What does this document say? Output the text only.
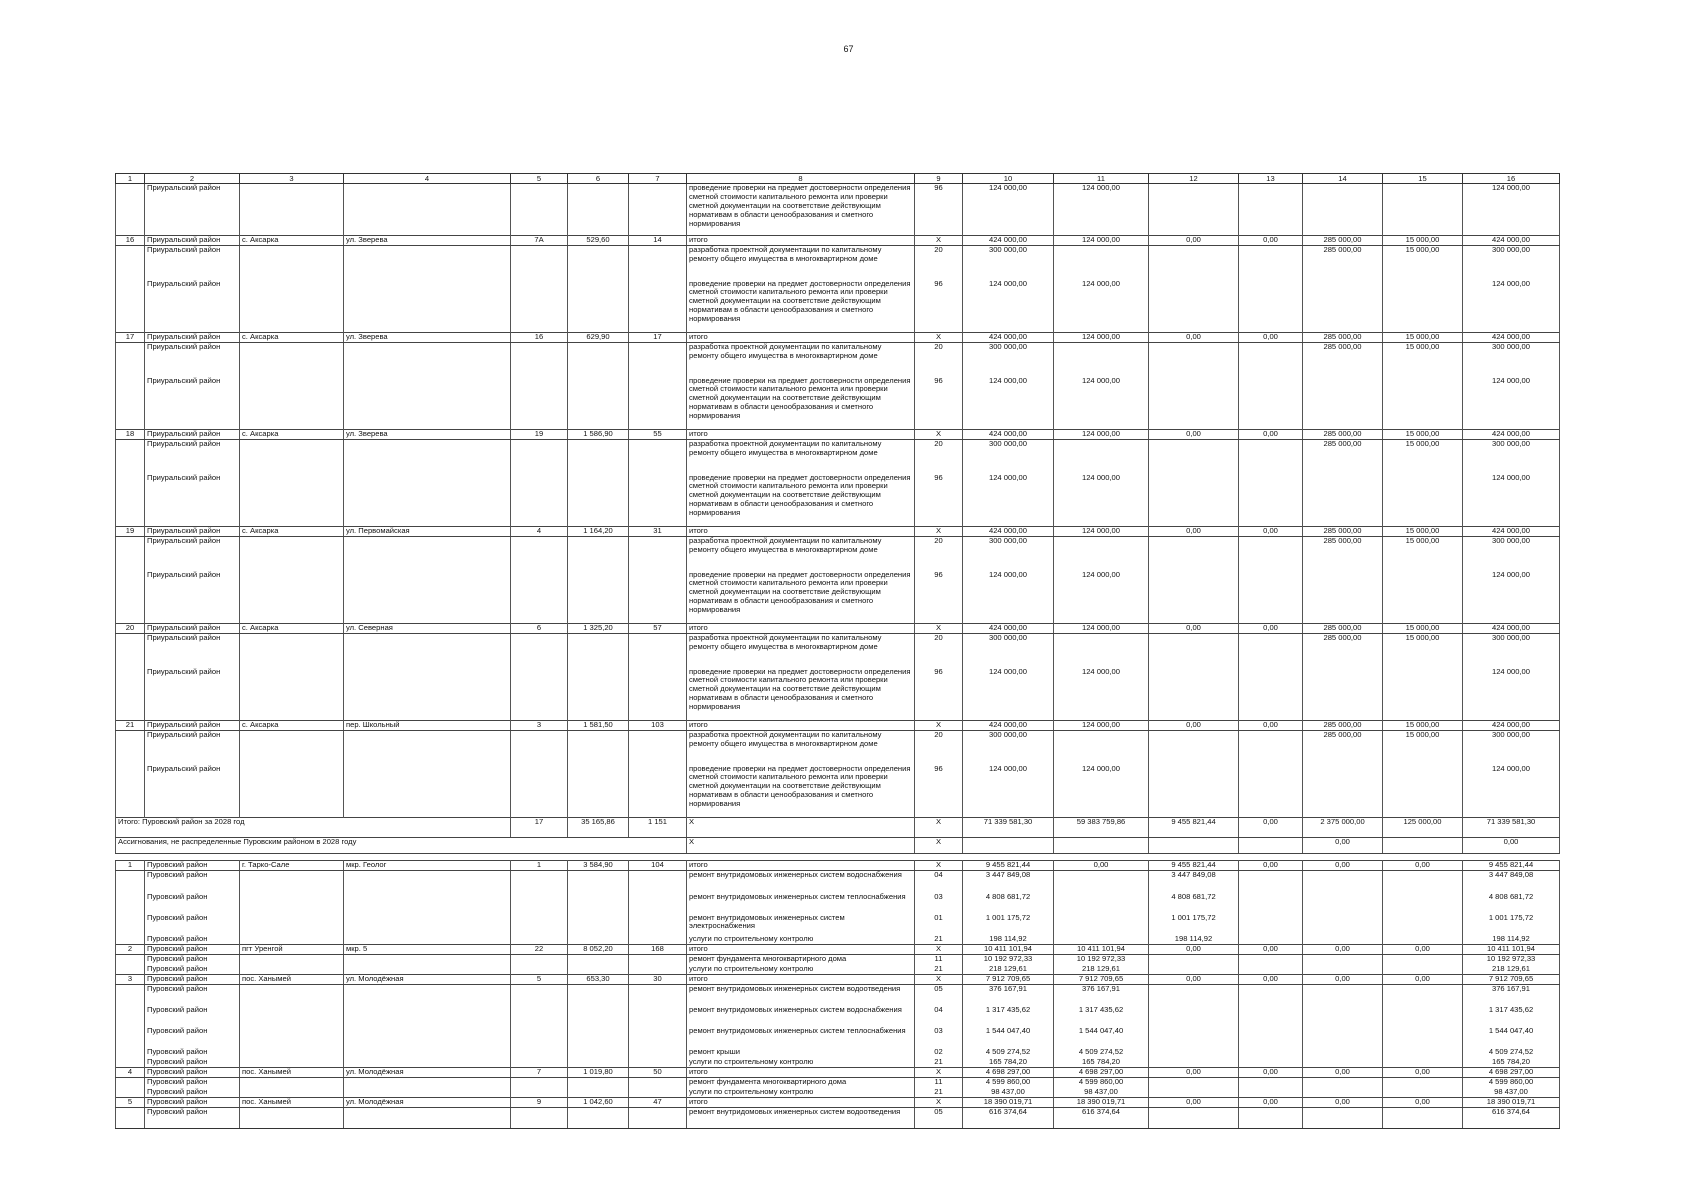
67
1	2	3	4	5	6	7	8	9	10	11	12	13	14	15	16
	Приуральский район						проведение проверки на предмет достоверности определения сметной стоимости капитального ремонта или проверки сметной документации на соответствие действующим нормативам в области ценообразования и сметного нормирования	96	124 000,00	124 000,00					124 000,00
16	Приуральский район	с. Аксарка	ул. Зверева	7А	529,60	14	итого	Х	424 000,00	124 000,00	0,00	0,00	285 000,00	15 000,00	424 000,00
	Приуральский район						разработка проектной документации по капитальному ремонту общего имущества в многоквартирном доме	20	300 000,00				285 000,00	15 000,00	300 000,00
	Приуральский район						проведение проверки на предмет достоверности определения сметной стоимости капитального ремонта или проверки сметной документации на соответствие действующим нормативам в области ценообразования и сметного нормирования	96	124 000,00	124 000,00					124 000,00
17	Приуральский район	с. Аксарка	ул. Зверева	16	629,90	17	итого	Х	424 000,00	124 000,00	0,00	0,00	285 000,00	15 000,00	424 000,00
	Приуральский район						разработка проектной документации по капитальному ремонту общего имущества в многоквартирном доме	20	300 000,00				285 000,00	15 000,00	300 000,00
	Приуральский район						проведение проверки на предмет достоверности определения сметной стоимости капитального ремонта или проверки сметной документации на соответствие действующим нормативам в области ценообразования и сметного нормирования	96	124 000,00	124 000,00					124 000,00
18	Приуральский район	с. Аксарка	ул. Зверева	19	1 586,90	55	итого	Х	424 000,00	124 000,00	0,00	0,00	285 000,00	15 000,00	424 000,00
	Приуральский район						разработка проектной документации по капитальному ремонту общего имущества в многоквартирном доме	20	300 000,00				285 000,00	15 000,00	300 000,00
	Приуральский район						проведение проверки на предмет достоверности определения сметной стоимости капитального ремонта или проверки сметной документации на соответствие действующим нормативам в области ценообразования и сметного нормирования	96	124 000,00	124 000,00					124 000,00
19	Приуральский район	с. Аксарка	ул. Первомайская	4	1 164,20	31	итого	Х	424 000,00	124 000,00	0,00	0,00	285 000,00	15 000,00	424 000,00
	Приуральский район						разработка проектной документации по капитальному ремонту общего имущества в многоквартирном доме	20	300 000,00				285 000,00	15 000,00	300 000,00
	Приуральский район						проведение проверки на предмет достоверности определения сметной стоимости капитального ремонта или проверки сметной документации на соответствие действующим нормативам в области ценообразования и сметного нормирования	96	124 000,00	124 000,00					124 000,00
20	Приуральский район	с. Аксарка	ул. Северная	6	1 325,20	57	итого	Х	424 000,00	124 000,00	0,00	0,00	285 000,00	15 000,00	424 000,00
	Приуральский район						разработка проектной документации по капитальному ремонту общего имущества в многоквартирном доме	20	300 000,00				285 000,00	15 000,00	300 000,00
	Приуральский район						проведение проверки на предмет достоверности определения сметной стоимости капитального ремонта или проверки сметной документации на соответствие действующим нормативам в области ценообразования и сметного нормирования	96	124 000,00	124 000,00					124 000,00
21	Приуральский район	с. Аксарка	пер. Школьный	3	1 581,50	103	итого	Х	424 000,00	124 000,00	0,00	0,00	285 000,00	15 000,00	424 000,00
	Приуральский район						разработка проектной документации по капитальному ремонту общего имущества в многоквартирном доме	20	300 000,00				285 000,00	15 000,00	300 000,00
	Приуральский район						проведение проверки на предмет достоверности определения сметной стоимости капитального ремонта или проверки сметной документации на соответствие действующим нормативам в области ценообразования и сметного нормирования	96	124 000,00	124 000,00					124 000,00
Итого: Пуровский район за 2028 год				17	35 165,86	1 151	Х	Х	71 339 581,30	59 383 759,86	9 455 821,44	0,00	2 375 000,00	125 000,00	71 339 581,30
Ассигнования, не распределенные Пуровским районом в 2028 году							Х	Х					0,00		0,00

1	Пуровский район	г. Тарко-Сале	мкр. Геолог	1	3 584,90	104	итого	Х	9 455 821,44	0,00	9 455 821,44	0,00	0,00	0,00	9 455 821,44
	Пуровский район						ремонт внутридомовых инженерных систем водоснабжения	04	3 447 849,08		3 447 849,08				3 447 849,08
	Пуровский район						ремонт внутридомовых инженерных систем теплоснабжения	03	4 808 681,72		4 808 681,72				4 808 681,72
	Пуровский район						ремонт внутридомовых инженерных систем электроснабжения	01	1 001 175,72		1 001 175,72				1 001 175,72
	Пуровский район						услуги по строительному контролю	21	198 114,92		198 114,92				198 114,92
2	Пуровский район	пгт Уренгой	мкр. 5	22	8 052,20	168	итого	Х	10 411 101,94	10 411 101,94	0,00	0,00	0,00	0,00	10 411 101,94
	Пуровский район						ремонт фундамента многоквартирного дома	11	10 192 972,33	10 192 972,33					10 192 972,33
	Пуровский район						услуги по строительному контролю	21	218 129,61	218 129,61					218 129,61
3	Пуровский район	пос. Ханымей	ул. Молодёжная	5	653,30	30	итого	Х	7 912 709,65	7 912 709,65	0,00	0,00	0,00	0,00	7 912 709,65
	Пуровский район						ремонт внутридомовых инженерных систем водоотведения	05	376 167,91	376 167,91					376 167,91
	Пуровский район						ремонт внутридомовых инженерных систем водоснабжения	04	1 317 435,62	1 317 435,62					1 317 435,62
	Пуровский район						ремонт внутридомовых инженерных систем теплоснабжения	03	1 544 047,40	1 544 047,40					1 544 047,40
	Пуровский район						ремонт крыши	02	4 509 274,52	4 509 274,52					4 509 274,52
	Пуровский район						услуги по строительному контролю	21	165 784,20	165 784,20					165 784,20
4	Пуровский район	пос. Ханымей	ул. Молодёжная	7	1 019,80	50	итого	Х	4 698 297,00	4 698 297,00	0,00	0,00	0,00	0,00	4 698 297,00
	Пуровский район						ремонт фундамента многоквартирного дома	11	4 599 860,00	4 599 860,00					4 599 860,00
	Пуровский район						услуги по строительному контролю	21	98 437,00	98 437,00					98 437,00
5	Пуровский район	пос. Ханымей	ул. Молодёжная	9	1 042,60	47	итого	Х	18 390 019,71	18 390 019,71	0,00	0,00	0,00	0,00	18 390 019,71
	Пуровский район						ремонт внутридомовых инженерных систем водоотведения	05	616 374,64	616 374,64					616 374,64
